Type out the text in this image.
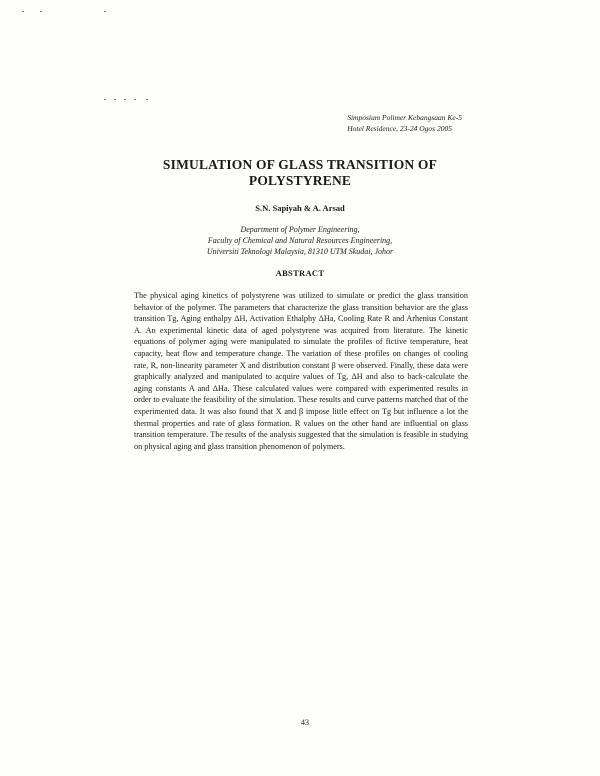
Simposium Polimer Kebangsaan Ke-5
Hotel Residence, 23-24 Ogos 2005
SIMULATION OF GLASS TRANSITION OF
POLYSTYRENE
S.N. Sapiyah & A. Arsad
Department of Polymer Engineering,
Faculty of Chemical and Natural Resources Engineering,
Universiti Teknologi Malaysia, 81310 UTM Skudai, Johor
ABSTRACT
The physical aging kinetics of polystyrene was utilized to simulate or predict the glass transition behavior of the polymer. The parameters that characterize the glass transition behavior are the glass transition Tg, Aging enthalpy ΔH, Activation Ethalphy ΔHa, Cooling Rate R and Arhenius Constant A. An experimental kinetic data of aged polystyrene was acquired from literature. The kinetic equations of polymer aging were manipulated to simulate the profiles of fictive temperature, heat capacity, heat flow and temperature change. The variation of these profiles on changes of cooling rate, R, non-linearity parameter X and distribution constant β were observed. Finally, these data were graphically analyzed and manipulated to acquire values of Tg, ΔH and also to back-calculate the aging constants A and ΔHa. These calculated values were compared with experimented results in order to evaluate the feasibility of the simulation. These results and curve patterns matched that of the experimented data. It was also found that X and β impose little effect on Tg but influence a lot the thermal properties and rate of glass formation. R values on the other hand are influential on glass transition temperature. The results of the analysis suggested that the simulation is feasible in studying on physical aging and glass transition phenomenon of polymers.
43
